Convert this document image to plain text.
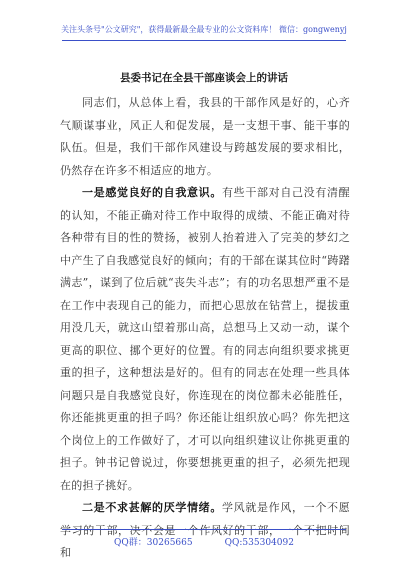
关注头条号"公文研究"，获得最新最全最专业的公文资料库！ 微信：gongwenyj
县委书记在全县干部座谈会上的讲话

同志们，从总体上看，我县的干部作风是好的，心齐气顺谋事业，风正人和促发展，是一支想干事、能干事的队伍。但是，我们干部作风建设与跨越发展的要求相比，仍然存在许多不相适应的地方。

一是感觉良好的自我意识。有些干部对自己没有清醒的认知，不能正确对待工作中取得的成绩、不能正确对待各种带有目的性的赞扬，被别人抬着进入了完美的梦幻之中产生了自我感觉良好的倾向；有的干部在谋其位时“踌躇满志”，谋到了位后就“丧失斗志”；有的功名思想严重不是在工作中表现自己的能力，而把心思放在钻营上，提拔重用没几天，就这山望着那山高，总想马上又动一动，谋个更高的职位、挪个更好的位置。有的同志向组织要求挑更重的担子，这种想法是好的。但有的同志在处理一些具体问题只是自我感觉良好，你连现在的岗位都未必能胜任，你还能挑更重的担子吗？你还能让组织放心吗？你先把这个岗位上的工作做好了，才可以向组织建议让你挑更重的担子。钟书记曾说过，你要想挑更重的担子，必须先把现在的担子挑好。

二是不求甚解的厌学情绪。学风就是作风，一个不愿学习的干部，决不会是一个作风好的干部，一个不把时间和

QQ群：30265665	QQ:535304092
